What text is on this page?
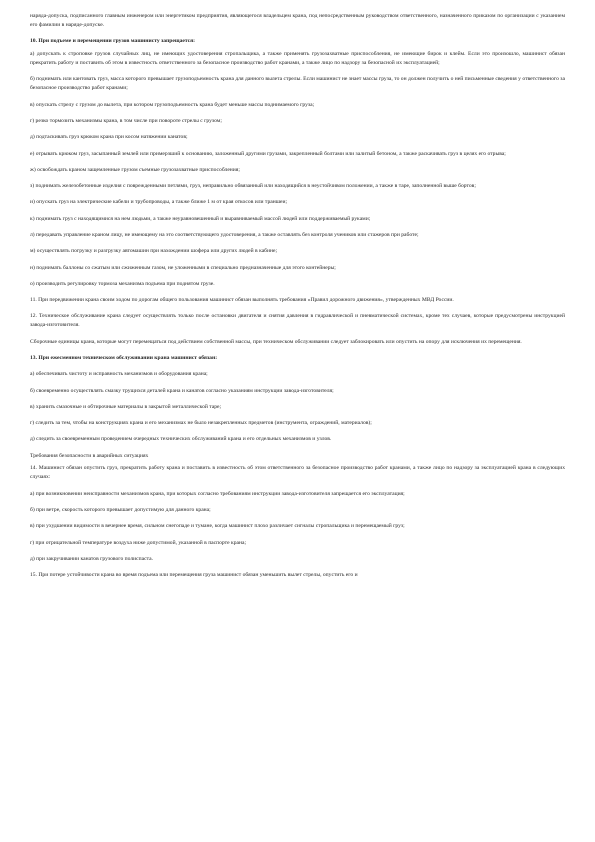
наряда-допуска, подписанного главным инженером или энергетиком предприятия, являющегося владельцем крана, под непосредственным руководством ответственного, назначенного приказом по организации с указанием его фамилии в наряде-допуске.

10. При подъеме и перемещении грузов машинисту запрещается:

а) допускать к строповке грузов случайных лиц, не имеющих удостоверения стропальщика, а также применять грузозахватные приспособления, не имеющие бирок и клейм. Если это произошло, машинист обязан прекратить работу и поставить об этом в известность ответственного за безопасное производство работ кранами, а также лицо по надзору за безопасной их эксплуатацией;

б) поднимать или кантовать груз, масса которого превышает грузоподъемность крана для данного вылета стрелы. Если машинист не знает массы груза, то он должен получить о ней письменные сведения у ответственного за безопасное производство работ кранами;

в) опускать стрелу с грузом до вылета, при котором грузоподъемность крана будет меньше массы поднимаемого груза;

г) резко тормозить механизмы крана, в том числе при повороте стрелы с грузом;

д) подтаскивать груз крюком крана при косом натяжении канатов;

е) отрывать крюком груз, засыпанный землей или примерзший к основанию, заложенный другими грузами, закрепленный болтами или залитый бетоном, а также раскачивать груз в целях его отрыва;

ж) освобождать краном защемленные грузом съемные грузозахватные приспособления;

з) поднимать железобетонные изделия с поврежденными петлями, груз, неправильно обвязанный или находящийся в неустойчивом положении, а также в таре, заполненной выше бортов;

и) опускать груз на электрические кабели и трубопроводы, а также ближе 1 м от края откосов или траншеи;

к) поднимать груз с находящимися на нем людьми, а также неуравновешенный и выравниваемый массой людей или поддерживаемый руками;

л) передавать управление краном лицу, не имеющему на это соответствующего удостоверения, а также оставлять без контроля учеников или стажеров при работе;

м) осуществлять погрузку и разгрузку автомашин при нахождении шофера или других людей в кабине;

н) поднимать баллоны со сжатым или сжиженным газом, не уложенными в специально предназначенные для этого контейнеры;

о) производить регулировку тормоза механизма подъема при поднятом грузе.

11. При передвижении крана своим ходом по дорогам общего пользования машинист обязан выполнять требования «Правил дорожного движения», утвержденных МВД России.

12. Техническое обслуживание крана следует осуществлять только после остановки двигателя и снятия давления в гидравлической и пневматической системах, кроме тех случаев, которые предусмотрены инструкцией завода-изготовителя.

Сборочные единицы крана, которые могут перемещаться под действием собственной массы, при техническом обслуживании следует заблокировать или опустить на опору для исключения их перемещения.

13. При ежесменном техническом обслуживании крана машинист обязан:

а) обеспечивать чистоту и исправность механизмов и оборудования крана;

б) своевременно осуществлять смазку трущихся деталей крана и канатов согласно указаниям инструкции завода-изготовителя;

в) хранить смазочные и обтирочные материалы в закрытой металлической таре;

г) следить за тем, чтобы на конструкциях крана и его механизмах не было незакрепленных предметов (инструмента, ограждений, материалов);

д) следить за своевременным проведением очередных технических обслуживаний крана и его отдельных механизмов и узлов.

Требования безопасности в аварийных ситуациях

14. Машинист обязан опустить груз, прекратить работу крана и поставить в известность об этом ответственного за безопасное производство работ кранами, а также лицо по надзору за эксплуатацией крана в следующих случаях:

а) при возникновении неисправности механизмов крана, при которых согласно требованиям инструкции завода-изготовителя запрещается его эксплуатация;

б) при ветре, скорость которого превышает допустимую для данного крана;

в) при ухудшении видимости в вечернее время, сильном снегопаде и тумане, когда машинист плохо различает сигналы стропальщика и перемещаемый груз;

г) при отрицательной температуре воздуха ниже допустимой, указанной в паспорте крана;

д) при закручивании канатов грузового полиспаста.

15. При потере устойчивости крана во время подъема или перемещения груза машинист обязан уменьшить вылет стрелы, опустить его и
